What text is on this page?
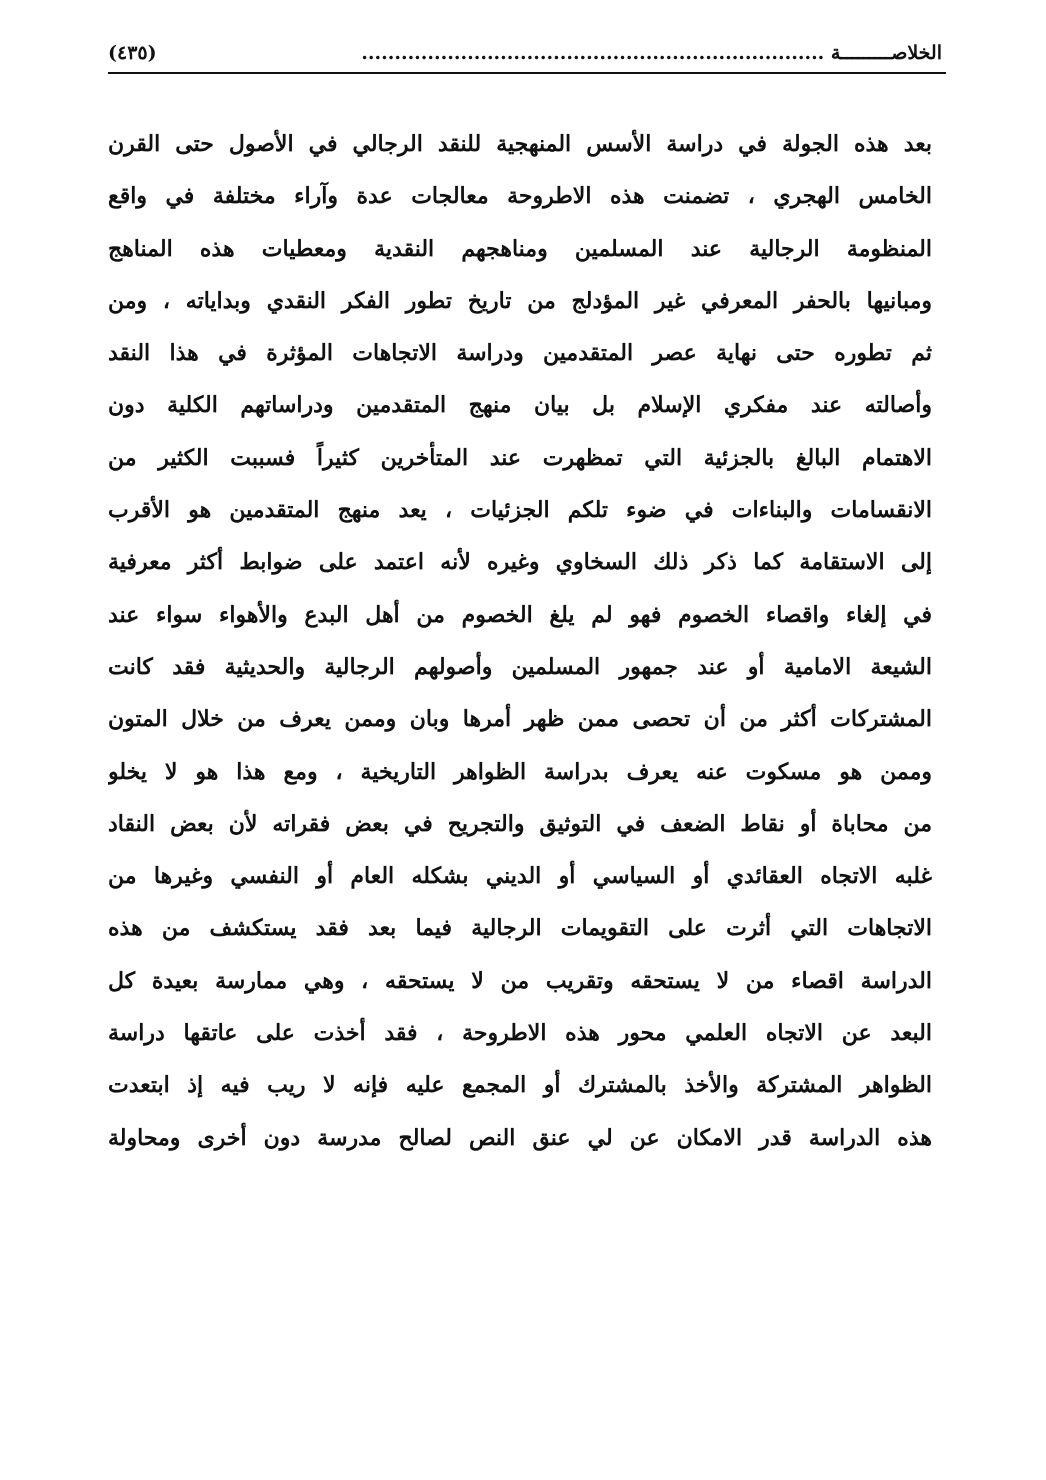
الخلاصـــــــــة ......................................................................
(٤٣٥)
بعد هذه الجولة في دراسة الأسس المنهجية للنقد الرجالي في الأصول حتى القرن
الخامس الهجري ، تضمنت هذه الاطروحة معالجات عدة وآراء مختلفة في واقع
المنظومة الرجالية عند المسلمين ومناهجهم النقدية ومعطيات هذه المناهج
ومبانيها بالحفر المعرفي غير المؤدلج من تاريخ تطور الفكر النقدي وبداياته ، ومن
ثم تطوره حتى نهاية عصر المتقدمين ودراسة الاتجاهات المؤثرة في هذا النقد
وأصالته عند مفكري الإسلام بل بيان منهج المتقدمين ودراساتهم الكلية دون
الاهتمام البالغ بالجزئية التي تمظهرت عند المتأخرين كثيراً فسببت الكثير من
الانقسامات والبناءات في ضوء تلكم الجزئيات ، يعد منهج المتقدمين هو الأقرب
إلى الاستقامة كما ذكر ذلك السخاوي وغيره لأنه اعتمد على ضوابط أكثر معرفية
في إلغاء واقصاء الخصوم فهو لم يلغ الخصوم من أهل البدع والأهواء سواء عند
الشيعة الامامية أو عند جمهور المسلمين وأصولهم الرجالية والحديثية فقد كانت
المشتركات أكثر من أن تحصى ممن ظهر أمرها وبان وممن يعرف من خلال المتون
وممن هو مسكوت عنه يعرف بدراسة الظواهر التاريخية ، ومع هذا هو لا يخلو
من محاباة أو نقاط الضعف في التوثيق والتجريح في بعض فقراته لأن بعض النقاد
غلبه الاتجاه العقائدي أو السياسي أو الديني بشكله العام أو النفسي وغيرها من
الاتجاهات التي أثرت على التقويمات الرجالية فيما بعد فقد يستكشف من هذه
الدراسة اقصاء من لا يستحقه وتقريب من لا يستحقه ، وهي ممارسة بعيدة كل
البعد عن الاتجاه العلمي محور هذه الاطروحة ، فقد أخذت على عاتقها دراسة
الظواهر المشتركة والأخذ بالمشترك أو المجمع عليه فإنه لا ريب فيه إذ ابتعدت
هذه الدراسة قدر الامكان عن لي عنق النص لصالح مدرسة دون أخرى ومحاولة
